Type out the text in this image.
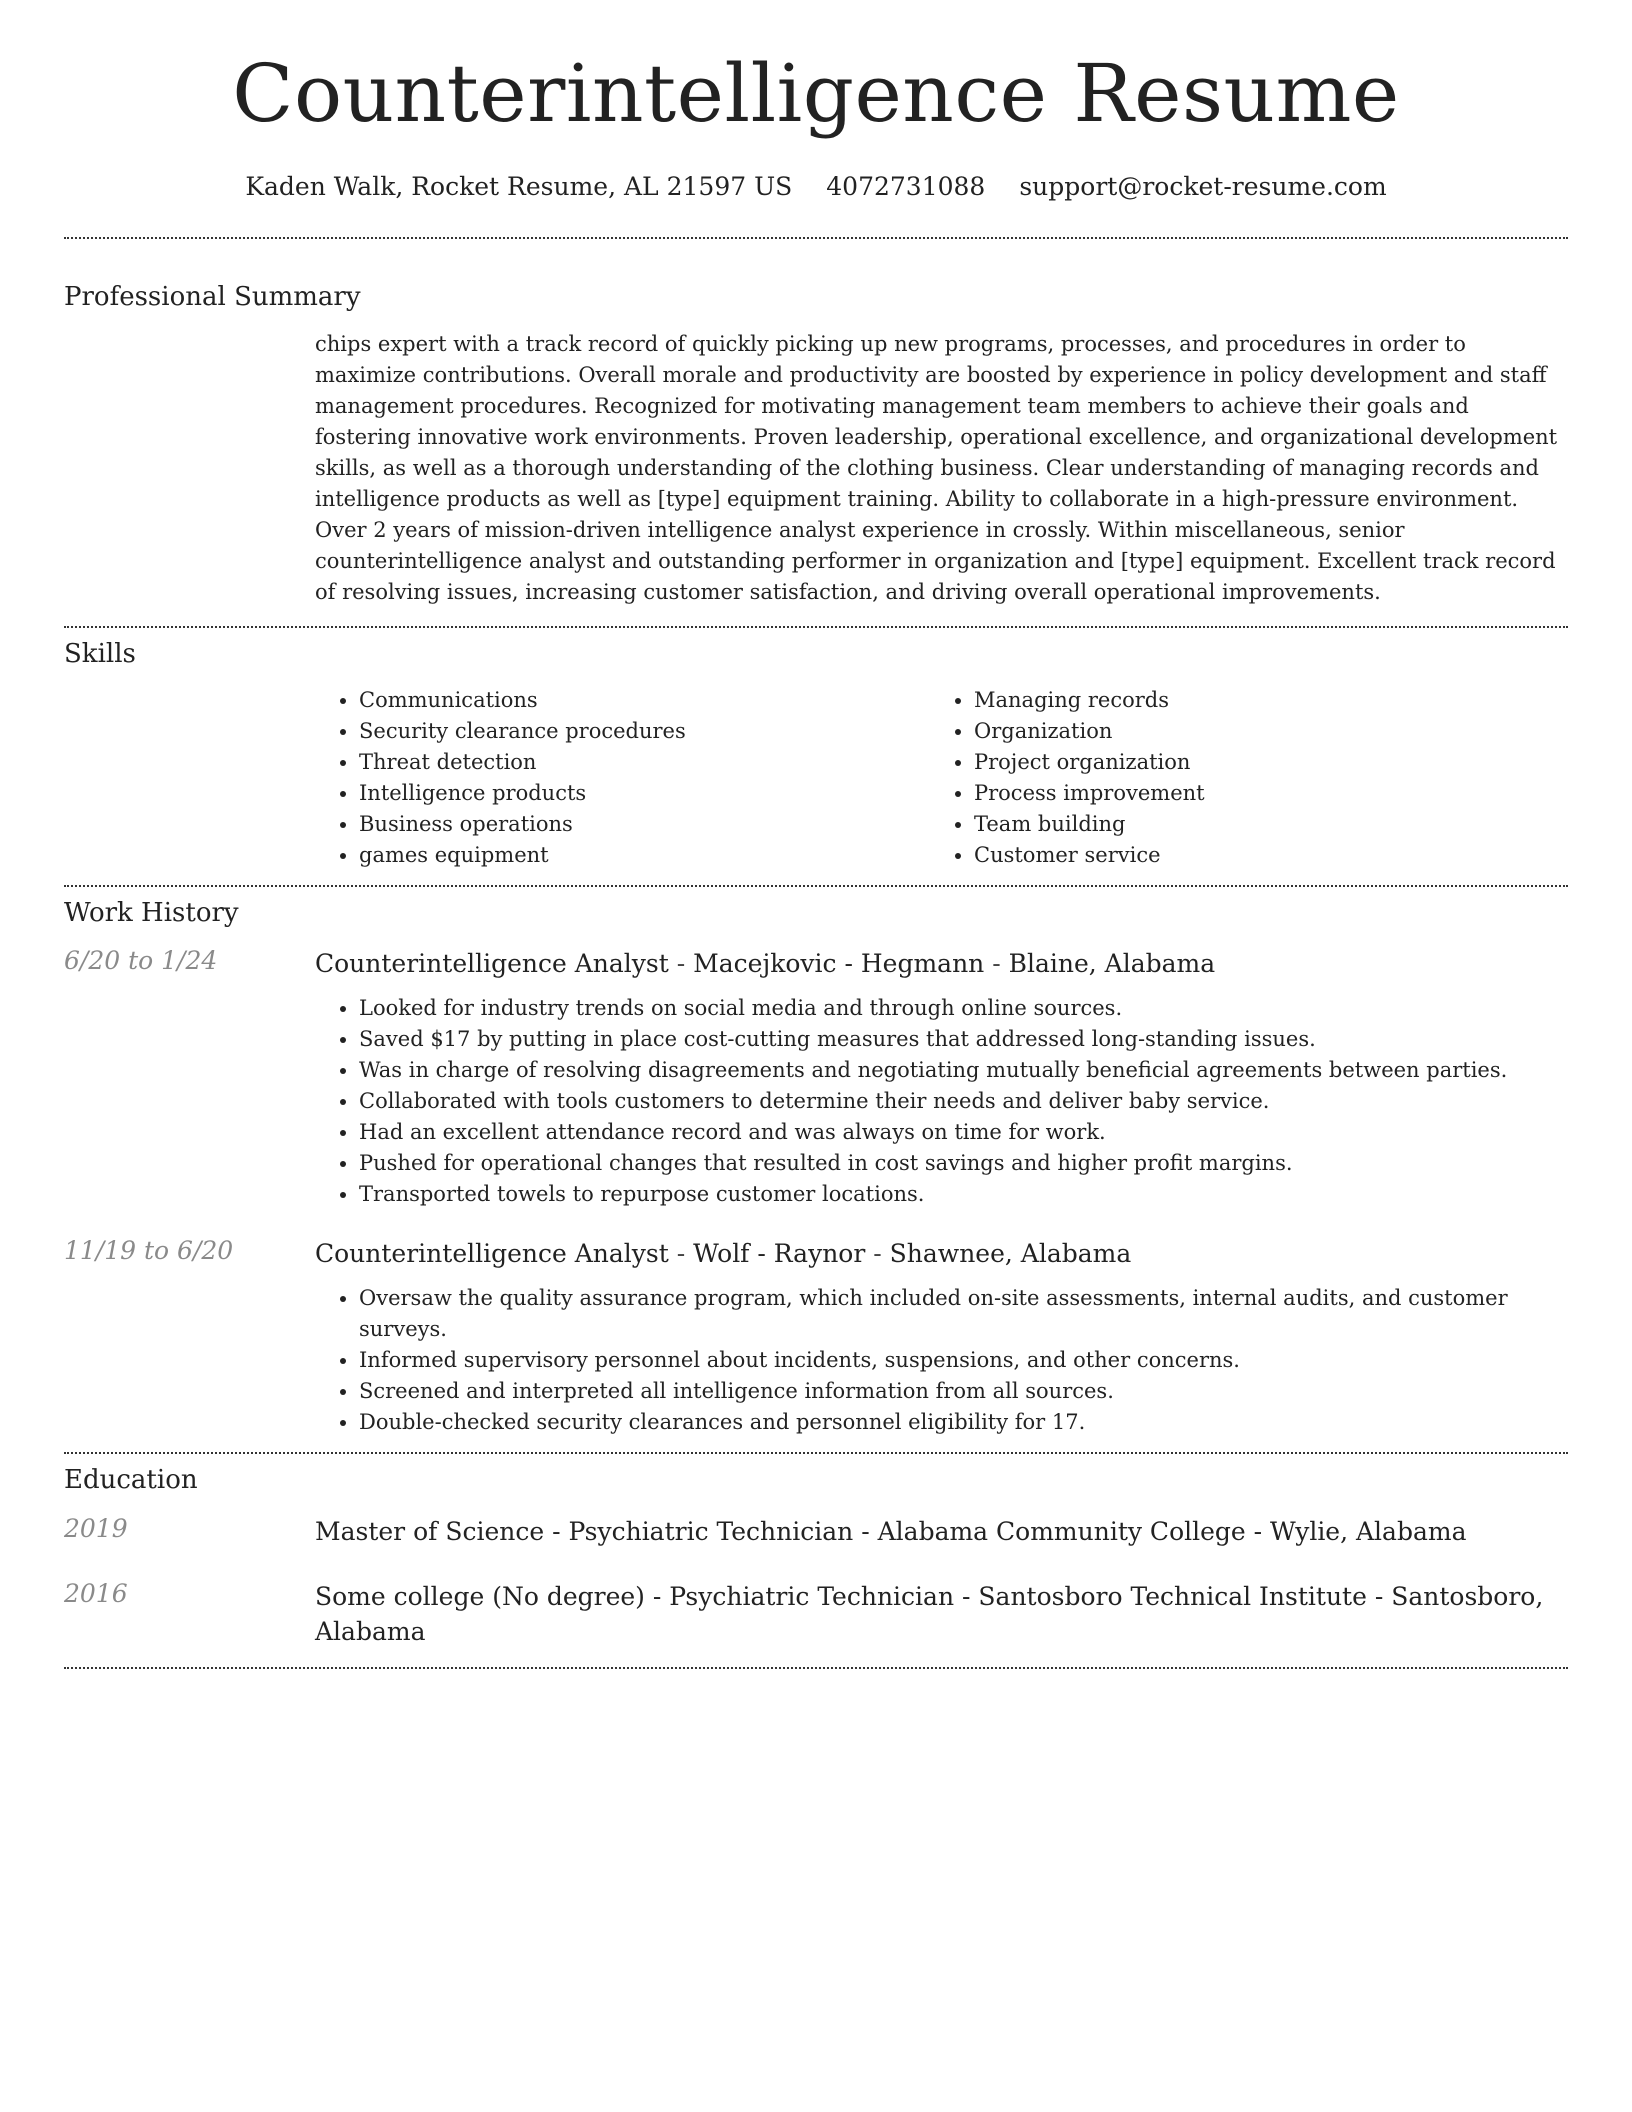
Counterintelligence Resume
Kaden Walk, Rocket Resume, AL 21597 US 4072731088 support@rocket-resume.com
Professional Summary

chips expert with a track record of quickly picking up new programs, processes, and procedures in order to maximize contributions. Overall morale and productivity are boosted by experience in policy development and staff management procedures. Recognized for motivating management team members to achieve their goals and fostering innovative work environments. Proven leadership, operational excellence, and organizational development skills, as well as a thorough understanding of the clothing business. Clear understanding of managing records and intelligence products as well as [type] equipment training. Ability to collaborate in a high-pressure environment. Over 2 years of mission-driven intelligence analyst experience in crossly. Within miscellaneous, senior counterintelligence analyst and outstanding performer in organization and [type] equipment. Excellent track record of resolving issues, increasing customer satisfaction, and driving overall operational improvements.

Skills
• Communications
• Security clearance procedures
• Threat detection
• Intelligence products
• Business operations
• games equipment
• Managing records
• Organization
• Project organization
• Process improvement
• Team building
• Customer service
Work History
6/20 to 1/24	Counterintelligence Analyst - Macejkovic - Hegmann - Blaine, Alabama
• Looked for industry trends on social media and through online sources.
• Saved $17 by putting in place cost-cutting measures that addressed long-standing issues.
• Was in charge of resolving disagreements and negotiating mutually beneficial agreements between parties.
• Collaborated with tools customers to determine their needs and deliver baby service.
• Had an excellent attendance record and was always on time for work.
• Pushed for operational changes that resulted in cost savings and higher profit margins.
• Transported towels to repurpose customer locations.
11/19 to 6/20	Counterintelligence Analyst - Wolf - Raynor - Shawnee, Alabama
• Oversaw the quality assurance program, which included on-site assessments, internal audits, and customer surveys.
• Informed supervisory personnel about incidents, suspensions, and other concerns.
• Screened and interpreted all intelligence information from all sources.
• Double-checked security clearances and personnel eligibility for 17.
Education
2019	Master of Science - Psychiatric Technician - Alabama Community College - Wylie, Alabama
2016	Some college (No degree) - Psychiatric Technician - Santosboro Technical Institute - Santosboro, Alabama
